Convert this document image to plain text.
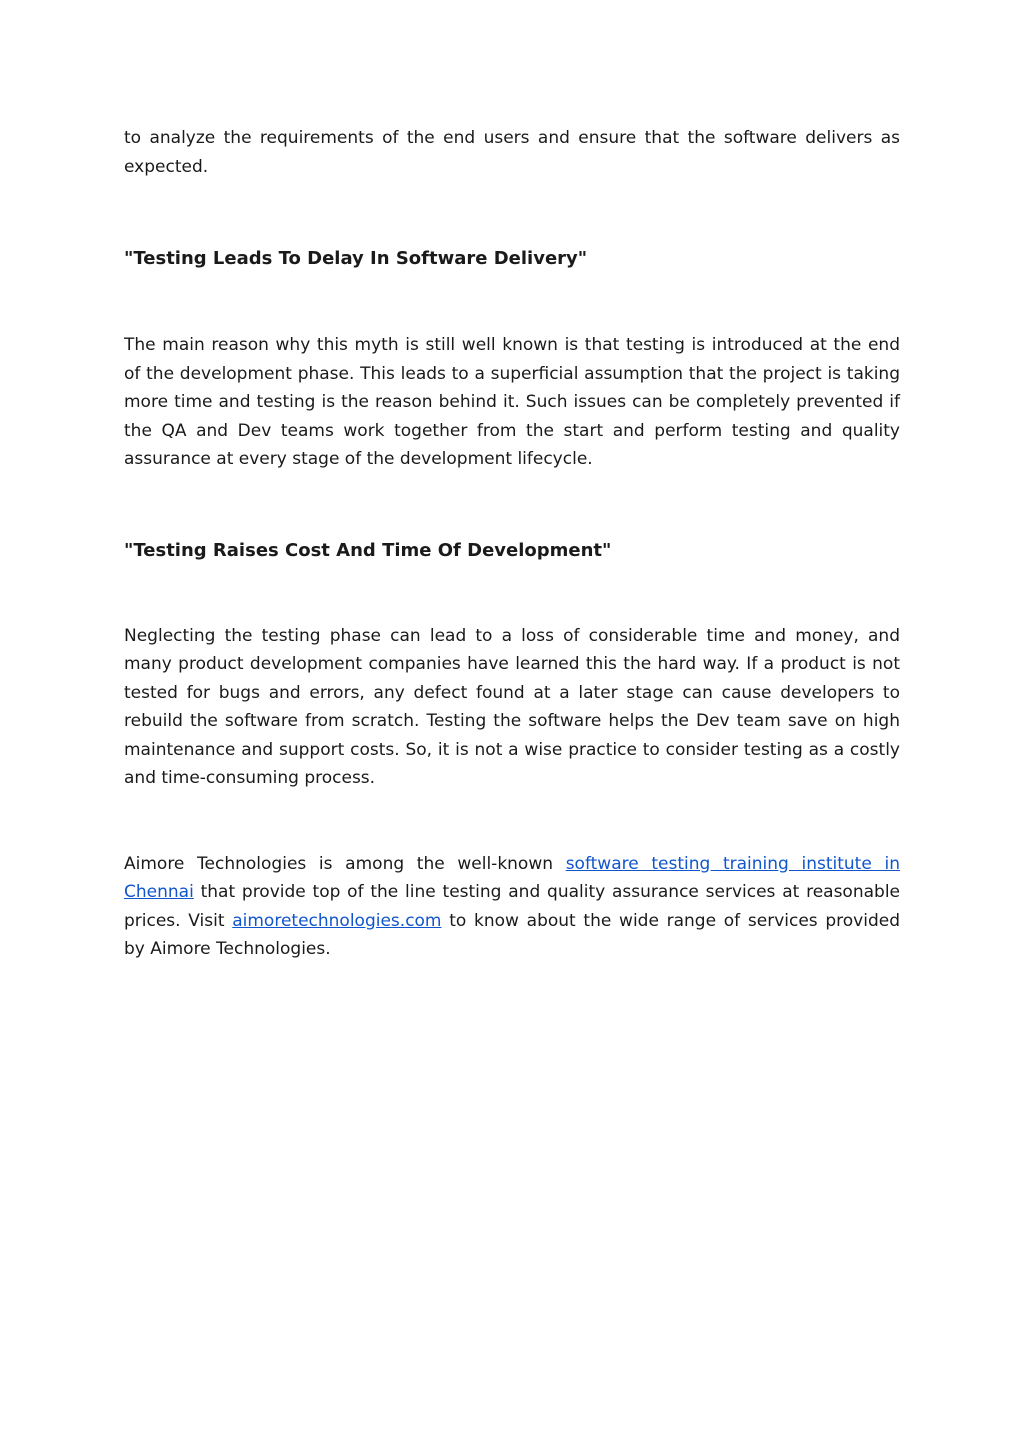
to analyze the requirements of the end users and ensure that the software delivers as expected.

"Testing Leads To Delay In Software Delivery"

The main reason why this myth is still well known is that testing is introduced at the end of the development phase. This leads to a superficial assumption that the project is taking more time and testing is the reason behind it. Such issues can be completely prevented if the QA and Dev teams work together from the start and perform testing and quality assurance at every stage of the development lifecycle.

"Testing Raises Cost And Time Of Development"

Neglecting the testing phase can lead to a loss of considerable time and money, and many product development companies have learned this the hard way. If a product is not tested for bugs and errors, any defect found at a later stage can cause developers to rebuild the software from scratch. Testing the software helps the Dev team save on high maintenance and support costs. So, it is not a wise practice to consider testing as a costly and time-consuming process.

Aimore Technologies is among the well-known software testing training institute in Chennai that provide top of the line testing and quality assurance services at reasonable prices. Visit aimoretechnologies.com to know about the wide range of services provided by Aimore Technologies.
